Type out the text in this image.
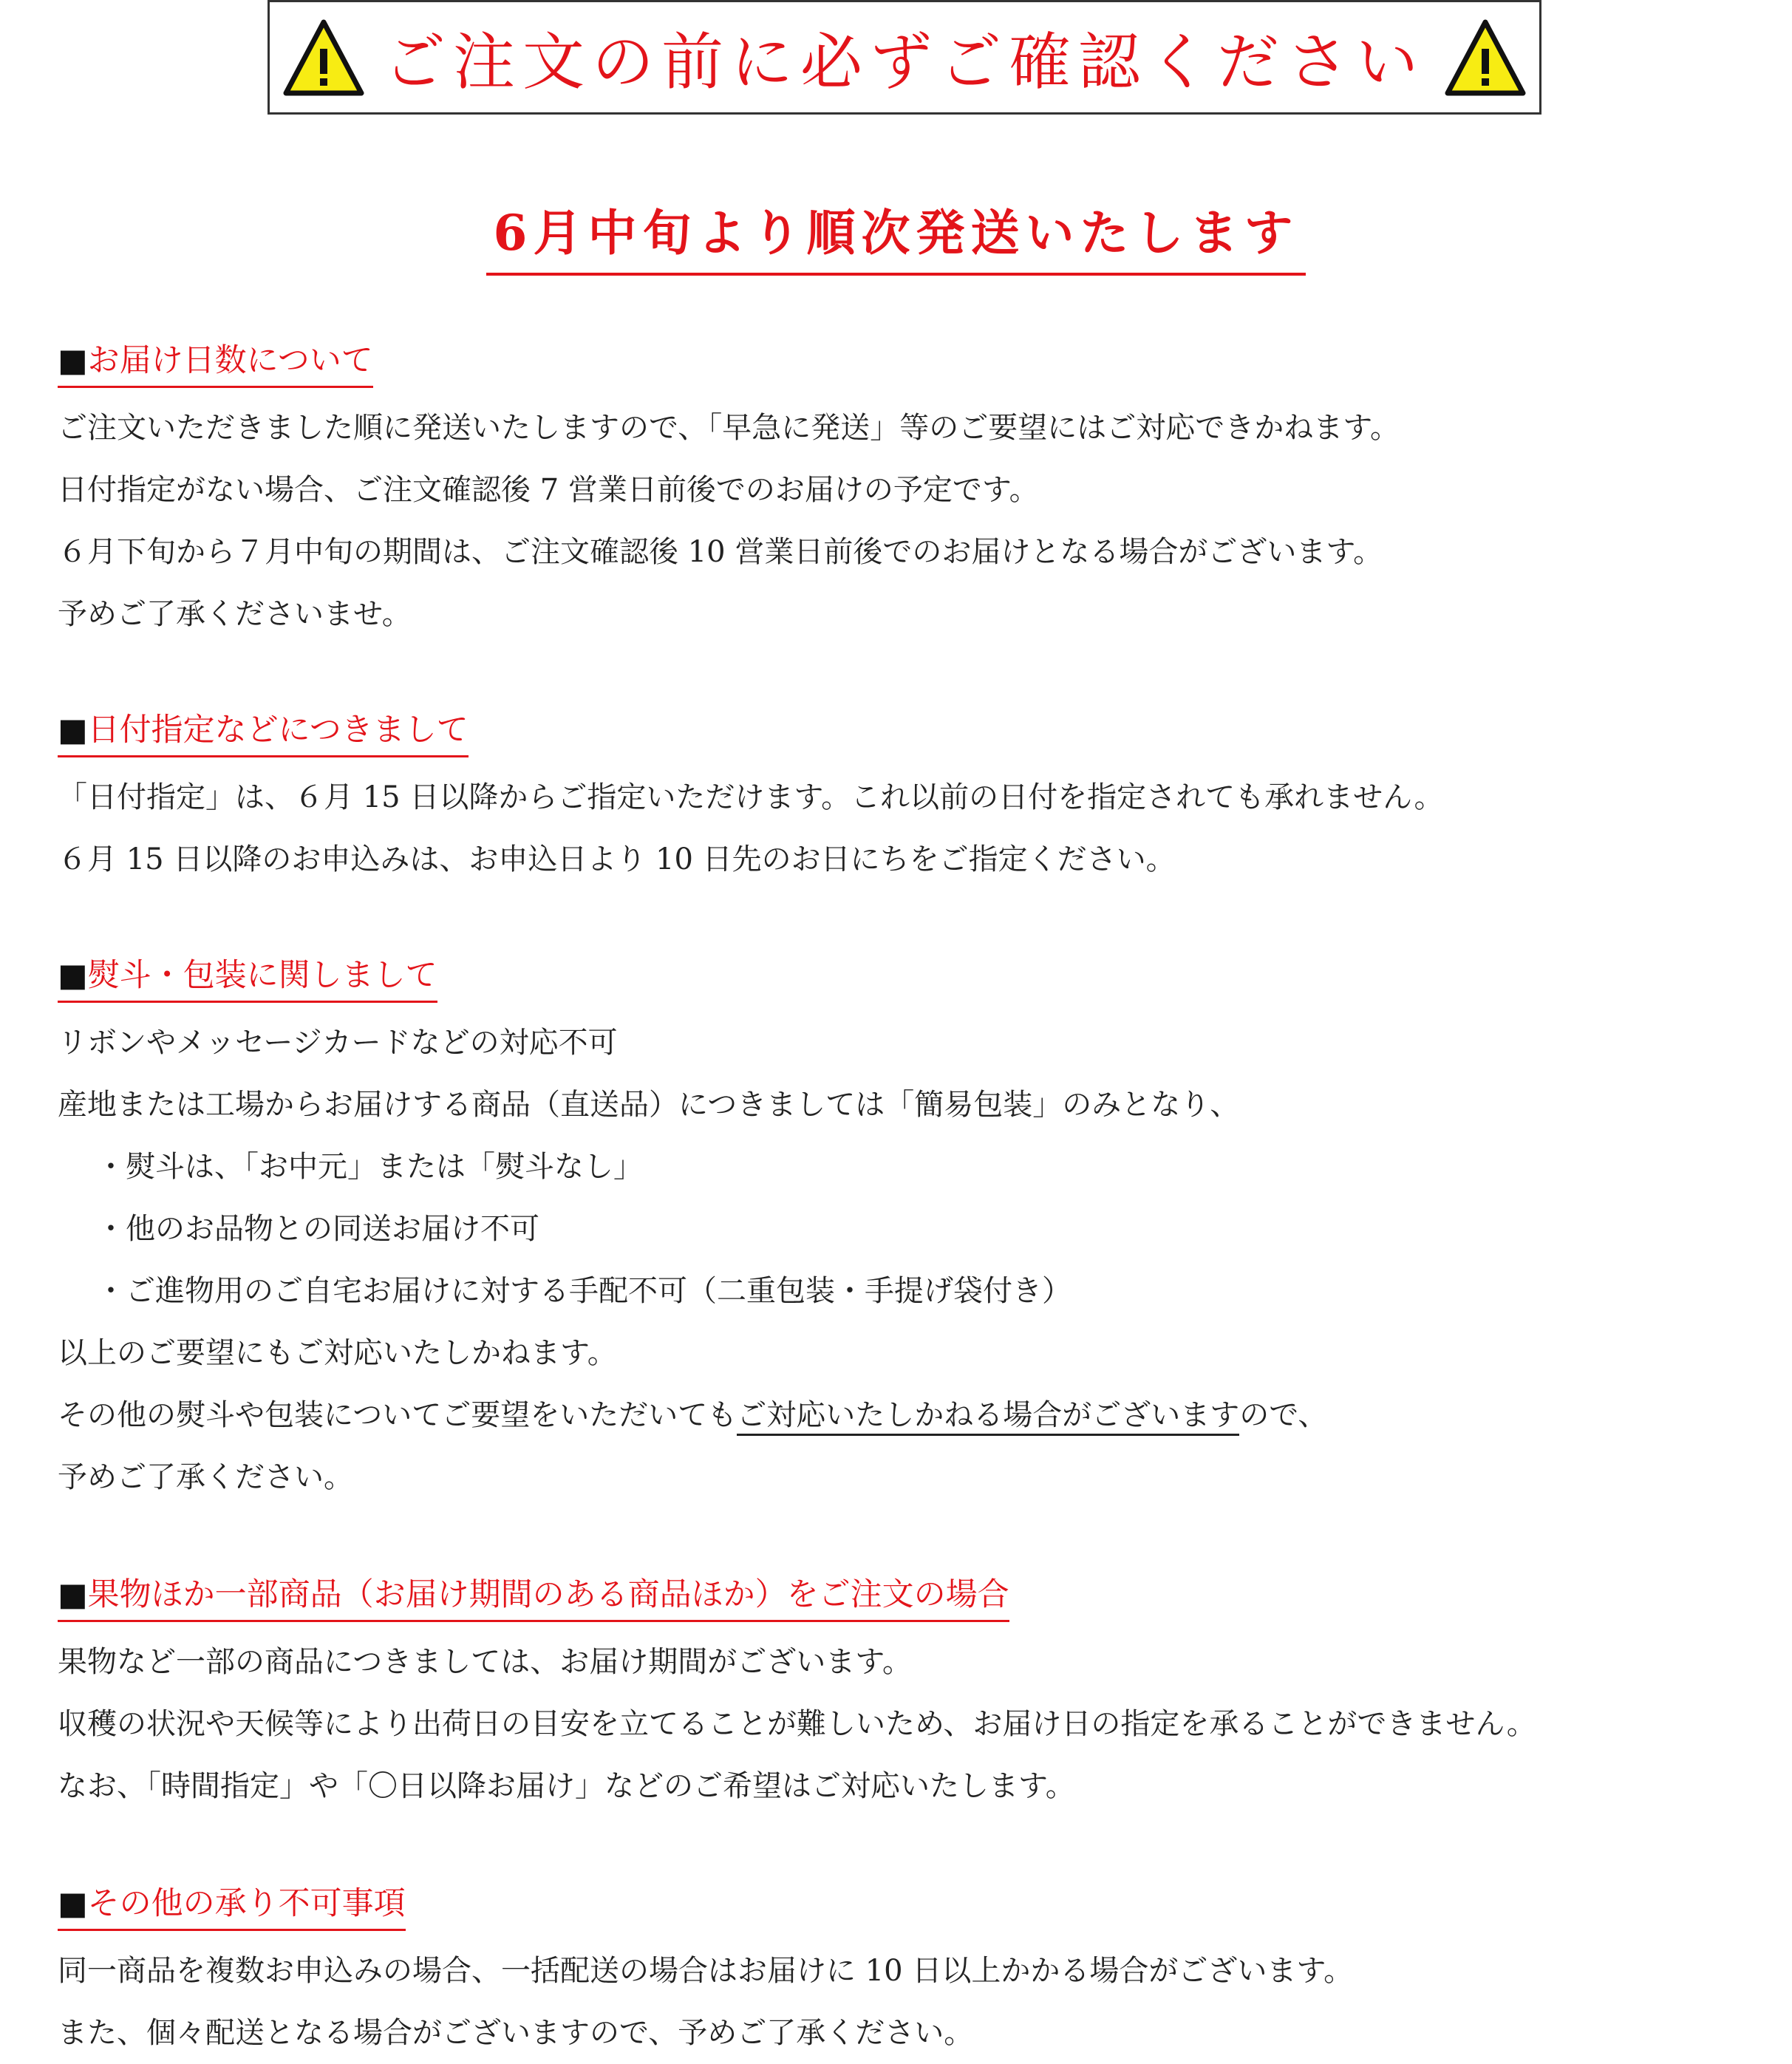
ご注文の前に必ずご確認ください
6月中旬より順次発送いたします
■お届け日数について
ご注文いただきました順に発送いたしますので、「早急に発送」等のご要望にはご対応できかねます。
日付指定がない場合、ご注文確認後 7 営業日前後でのお届けの予定です。
６月下旬から７月中旬の期間は、ご注文確認後 10 営業日前後でのお届けとなる場合がございます。
予めご了承くださいませ。
■日付指定などにつきまして
「日付指定」は、６月 15 日以降からご指定いただけます。これ以前の日付を指定されても承れません。
６月 15 日以降のお申込みは、お申込日より 10 日先のお日にちをご指定ください。
■熨斗・包装に関しまして
リボンやメッセージカードなどの対応不可
産地または工場からお届けする商品（直送品）につきましては「簡易包装」のみとなり、
・熨斗は、「お中元」または「熨斗なし」
・他のお品物との同送お届け不可
・ご進物用のご自宅お届けに対する手配不可（二重包装・手提げ袋付き）
以上のご要望にもご対応いたしかねます。
その他の熨斗や包装についてご要望をいただいてもご対応いたしかねる場合がございますので、
予めご了承ください。
■果物ほか一部商品（お届け期間のある商品ほか）をご注文の場合
果物など一部の商品につきましては、お届け期間がございます。
収穫の状況や天候等により出荷日の目安を立てることが難しいため、お届け日の指定を承ることができません。
なお、「時間指定」や「〇日以降お届け」などのご希望はご対応いたします。
■その他の承り不可事項
同一商品を複数お申込みの場合、一括配送の場合はお届けに 10 日以上かかる場合がございます。
また、個々配送となる場合がございますので、予めご了承ください。
